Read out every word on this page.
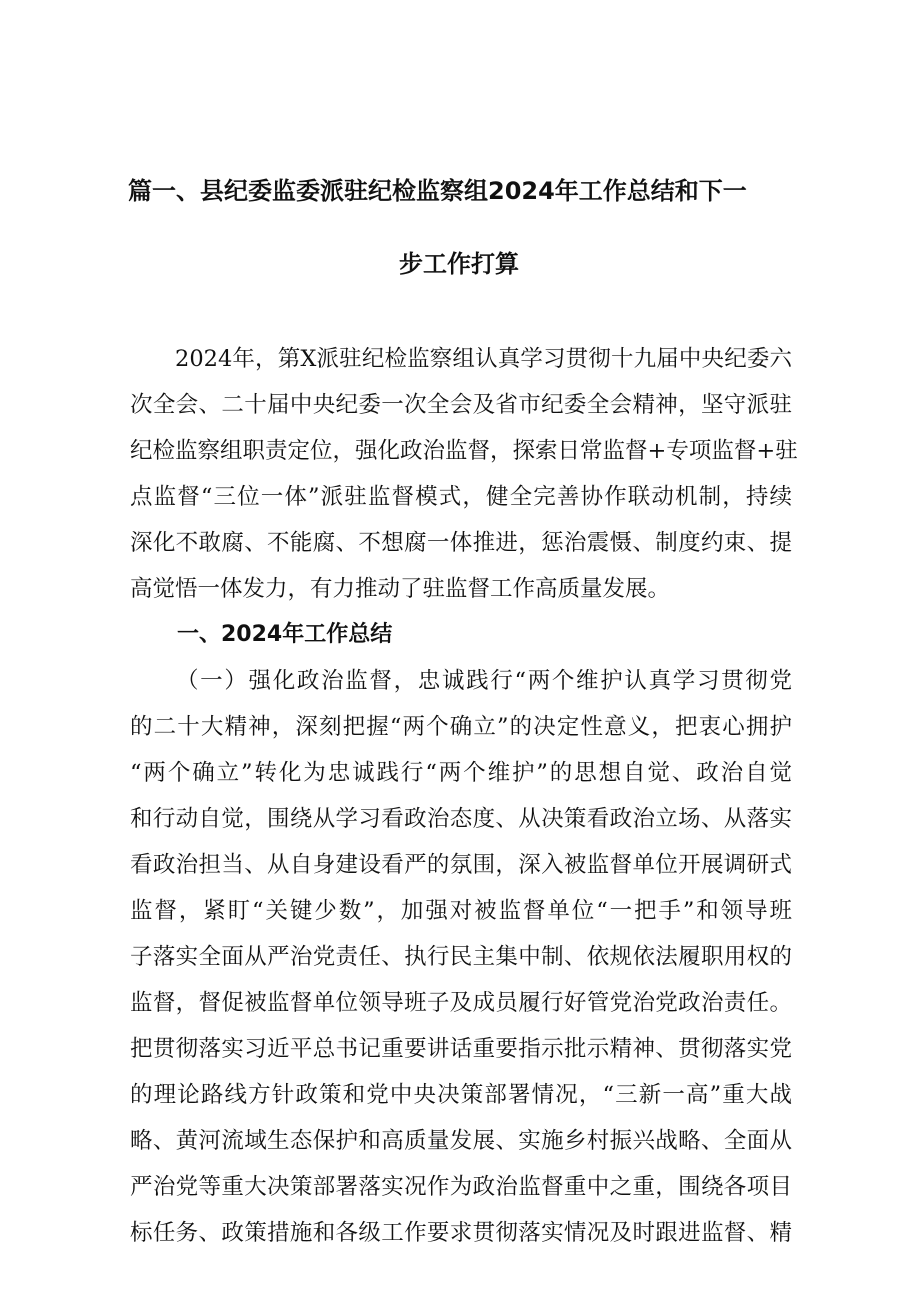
篇一、县纪委监委派驻纪检监察组2024年工作总结和下一
步工作打算
2024年，第X派驻纪检监察组认真学习贯彻十九届中央纪委六
次全会、二十届中央纪委一次全会及省市纪委全会精神，坚守派驻
纪检监察组职责定位，强化政治监督，探索日常监督+专项监督+驻
点监督“三位一体”派驻监督模式，健全完善协作联动机制，持续
深化不敢腐、不能腐、不想腐一体推进，惩治震慑、制度约束、提
高觉悟一体发力，有力推动了驻监督工作高质量发展。
一、2024年工作总结
（一）强化政治监督，忠诚践行“两个维护认真学习贯彻党
的二十大精神，深刻把握“两个确立”的决定性意义，把衷心拥护
“两个确立”转化为忠诚践行“两个维护”的思想自觉、政治自觉
和行动自觉，围绕从学习看政治态度、从决策看政治立场、从落实
看政治担当、从自身建设看严的氛围，深入被监督单位开展调研式
监督，紧盯“关键少数”，加强对被监督单位“一把手”和领导班
子落实全面从严治党责任、执行民主集中制、依规依法履职用权的
监督，督促被监督单位领导班子及成员履行好管党治党政治责任。
把贯彻落实习近平总书记重要讲话重要指示批示精神、贯彻落实党
的理论路线方针政策和党中央决策部署情况，“三新一高”重大战
略、黄河流域生态保护和高质量发展、实施乡村振兴战略、全面从
严治党等重大决策部署落实况作为政治监督重中之重，围绕各项目
标任务、政策措施和各级工作要求贯彻落实情况及时跟进监督、精
